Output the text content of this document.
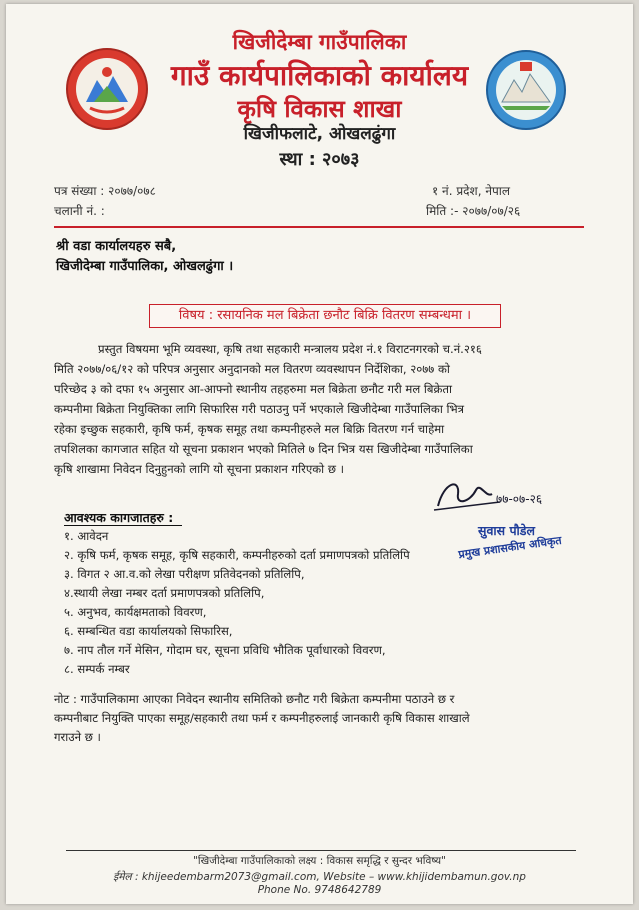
खिजीदेम्बा गाउँपालिका
गाउँ कार्यपालिकाको कार्यालय
कृषि विकास शाखा
खिजीफलाटे, ओखलढुंगा
स्था : २०७३
पत्र संख्या : २०७७/०७८
चलानी नं. :
१ नं. प्रदेश, नेपाल
मिति :- २०७७/०७/२६
श्री वडा कार्यालयहरु सबै,
खिजीदेम्बा गाउँपालिका, ओखलढुंगा ।
विषय : रसायनिक मल बिक्रेता छनौट बिक्रि वितरण सम्बन्धमा ।
प्रस्तुत विषयमा भूमि व्यवस्था, कृषि तथा सहकारी मन्त्रालय प्रदेश नं.१ विराटनगरको च.नं.२१६
मिति २०७७/०६/१२ को परिपत्र अनुसार अनुदानको मल वितरण व्यवस्थापन निर्देशिका, २०७७ को
परिच्छेद ३ को दफा १५ अनुसार आ-आफ्नो स्थानीय तहहरुमा मल बिक्रेता छनौट गरी मल बिक्रेता
कम्पनीमा बिक्रेता नियुक्तिका लागि सिफारिस गरी पठाउनु पर्ने भएकाले खिजीदेम्बा गाउँपालिका भित्र
रहेका इच्छुक सहकारी, कृषि फर्म, कृषक समूह तथा कम्पनीहरुले मल बिक्रि वितरण गर्न चाहेमा
तपशिलका कागजात सहित यो सूचना प्रकाशन भएको मितिले ७ दिन भित्र यस खिजीदेम्बा गाउँपालिका
कृषि शाखामा निवेदन दिनुहुनको लागि यो सूचना प्रकाशन गरिएको छ ।
७७-०७-२६
सुवास पौडेल
प्रमुख प्रशासकीय अधिकृत
आवश्यक कागजातहरु :
१. आवेदन
२. कृषि फर्म, कृषक समूह, कृषि सहकारी, कम्पनीहरुको दर्ता प्रमाणपत्रको प्रतिलिपि
३. विगत २ आ.व.को लेखा परीक्षण प्रतिवेदनको प्रतिलिपि,
४.स्थायी लेखा नम्बर दर्ता प्रमाणपत्रको प्रतिलिपि,
५. अनुभव, कार्यक्षमताको विवरण,
६. सम्बन्धित वडा कार्यालयको सिफारिस,
७. नाप तौल गर्ने मेसिन, गोदाम घर, सूचना प्रविधि भौतिक पूर्वाधारको विवरण,
८. सम्पर्क नम्बर
नोट : गाउँपालिकामा आएका निवेदन स्थानीय समितिको छनौट गरी बिक्रेता कम्पनीमा पठाउने छ र
कम्पनीबाट नियुक्ति पाएका समूह/सहकारी तथा फर्म र कम्पनीहरुलाई जानकारी कृषि विकास शाखाले
गराउने छ ।
"खिजीदेम्बा गाउँपालिकाको लक्ष्य : विकास समृद्धि र सुन्दर भविष्य"
ईमेल : khijeedembarm2073@gmail.com, Website – www.khijidembamun.gov.np
Phone No. 9748642789
